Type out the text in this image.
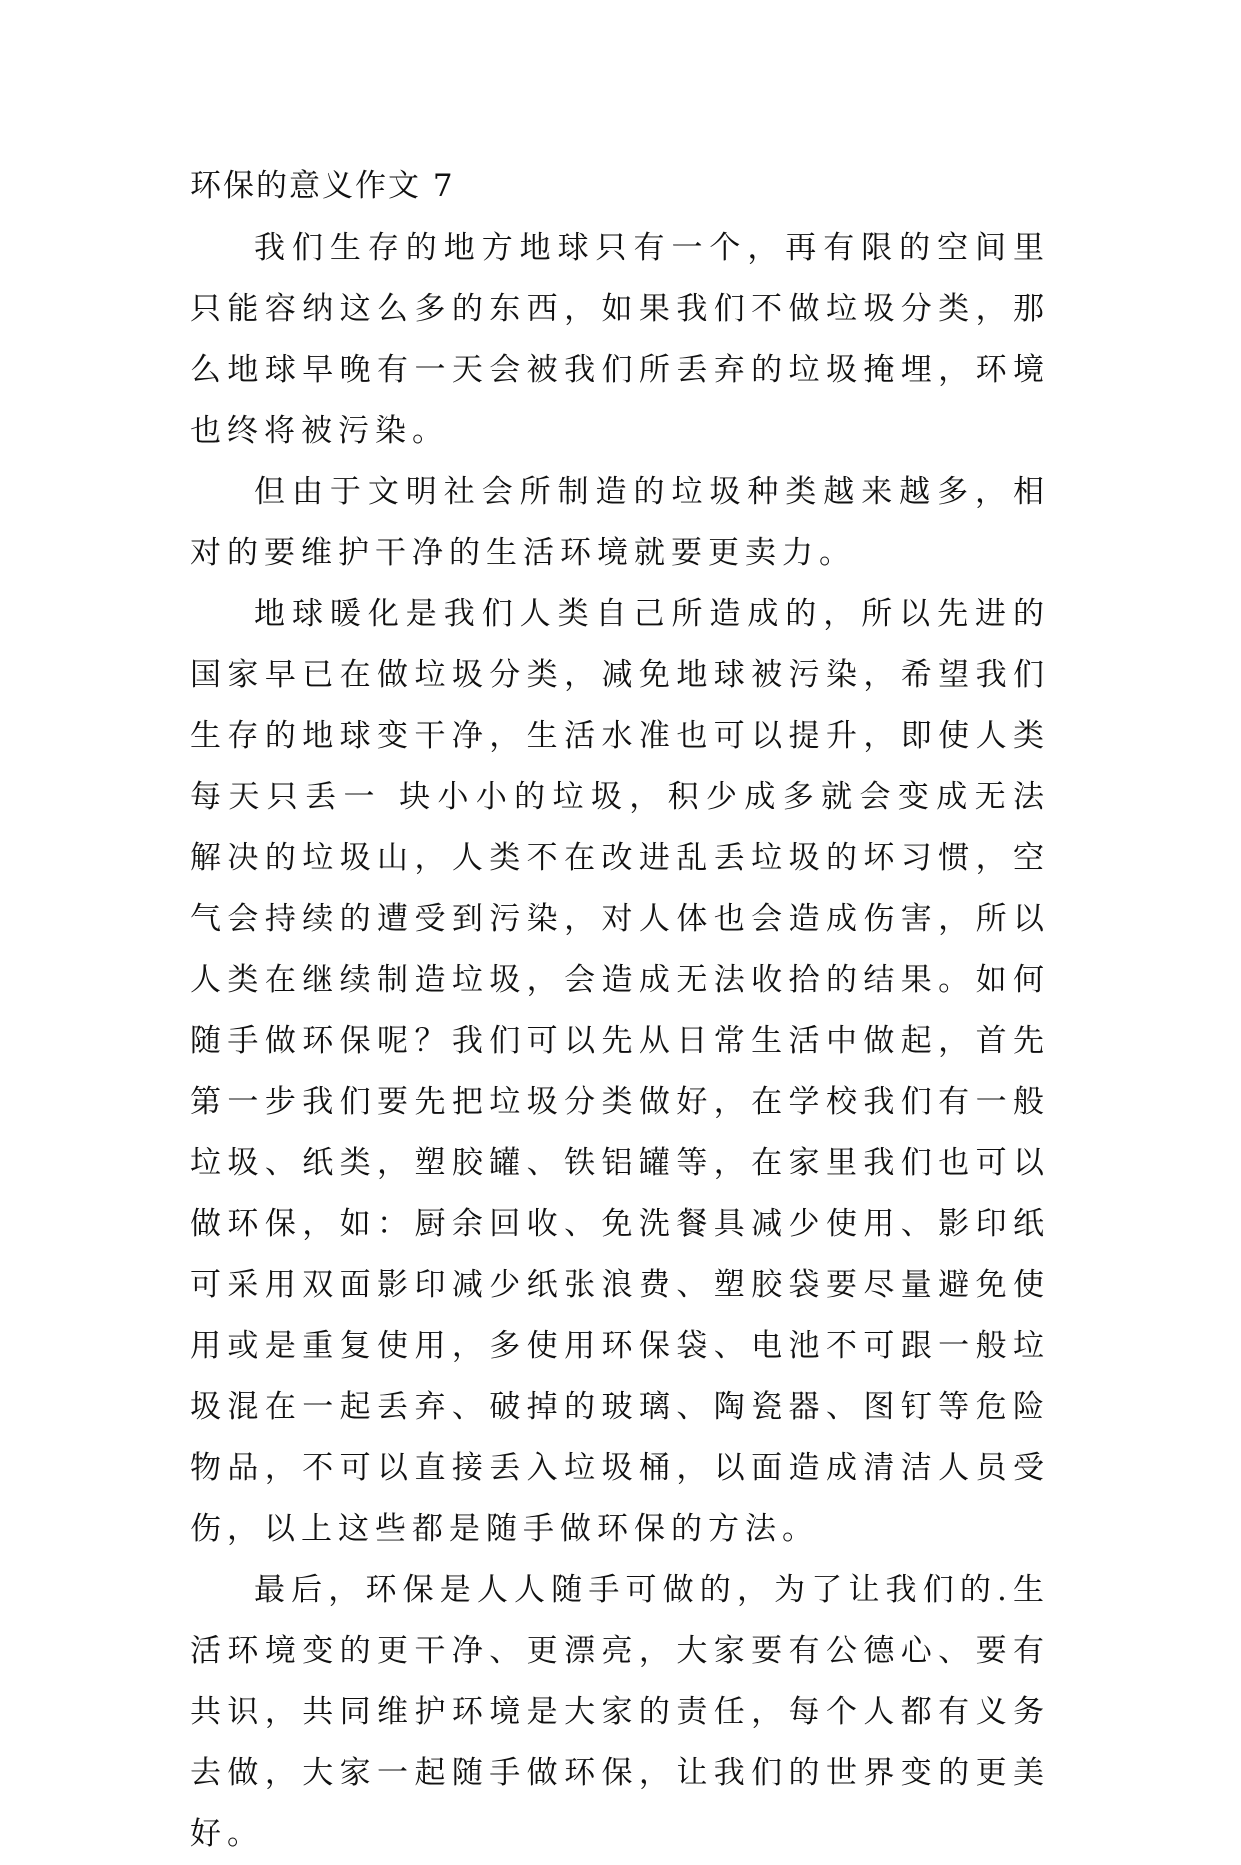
环保的意义作文 7

我们生存的地方地球只有一个，再有限的空间里只能容纳这么多的东西，如果我们不做垃圾分类，那么地球早晚有一天会被我们所丢弃的垃圾掩埋，环境也终将被污染。

但由于文明社会所制造的垃圾种类越来越多，相对的要维护干净的生活环境就要更卖力。

地球暖化是我们人类自己所造成的，所以先进的国家早已在做垃圾分类，减免地球被污染，希望我们生存的地球变干净，生活水准也可以提升，即使人类每天只丢一 块小小的垃圾，积少成多就会变成无法解决的垃圾山，人类不在改进乱丢垃圾的坏习惯，空气会持续的遭受到污染，对人体也会造成伤害，所以人类在继续制造垃圾，会造成无法收拾的结果。如何随手做环保呢？我们可以先从日常生活中做起，首先第一步我们要先把垃圾分类做好，在学校我们有一般垃圾、纸类，塑胶罐、铁铝罐等，在家里我们也可以做环保，如：厨余回收、免洗餐具减少使用、影印纸可采用双面影印减少纸张浪费、塑胶袋要尽量避免使用或是重复使用，多使用环保袋、电池不可跟一般垃圾混在一起丢弃、破掉的玻璃、陶瓷器、图钉等危险物品，不可以直接丢入垃圾桶，以面造成清洁人员受伤，以上这些都是随手做环保的方法。

最后，环保是人人随手可做的，为了让我们的.生活环境变的更干净、更漂亮，大家要有公德心、要有共识，共同维护环境是大家的责任，每个人都有义务去做，大家一起随手做环保，让我们的世界变的更美好。
